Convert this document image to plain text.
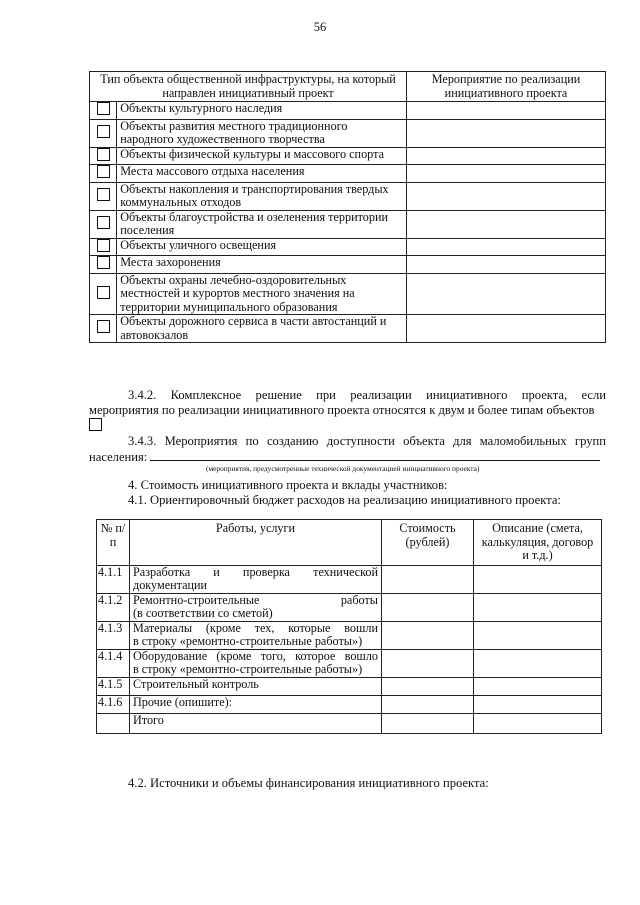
56
Тип объекта общественной инфраструктуры, на который направлен инициативный проект		Мероприятие по реализации инициативного проекта
	Объекты культурного наследия	
	Объекты развития местного традиционного народного художественного творчества	
	Объекты физической культуры и массового спорта	
	Места массового отдыха населения	
	Объекты накопления и транспортирования твердых коммунальных отходов	
	Объекты благоустройства и озеленения территории поселения	
	Объекты уличного освещения	
	Места захоронения	
	Объекты охраны лечебно-оздоровительных местностей и курортов местного значения на территории муниципального образования	
	Объекты дорожного сервиса в части автостанций и автовокзалов	
3.4.2. Комплексное решение при реализации инициативного проекта, если
мероприятия по реализации инициативного проекта относятся к двум и более типам объектов
3.4.3. Мероприятия по созданию доступности объекта для маломобильных групп
населения:
(мероприятия, предусмотренные технической документацией инициативного проекта)
4. Стоимость инициативного проекта и вклады участников:
4.1. Ориентировочный бюджет расходов на реализацию инициативного проекта:
№ п/п	Работы, услуги	Стоимость (рублей)	Описание (смета, калькуляция, договор и т.д.)
4.1.1	Разработка и проверка технической
документации		

4.1.2	Ремонтно-строительные работы
(в соответствии со сметой)		

4.1.3	Материалы (кроме тех, которые вошли
в строку «ремонтно-строительные работы»)		

4.1.4	Оборудование (кроме того, которое вошло
в строку «ремонтно-строительные работы»)		

4.1.5	Строительный контроль		

4.1.6	Прочие (опишите):		

	Итого		

4.2. Источники и объемы финансирования инициативного проекта:
